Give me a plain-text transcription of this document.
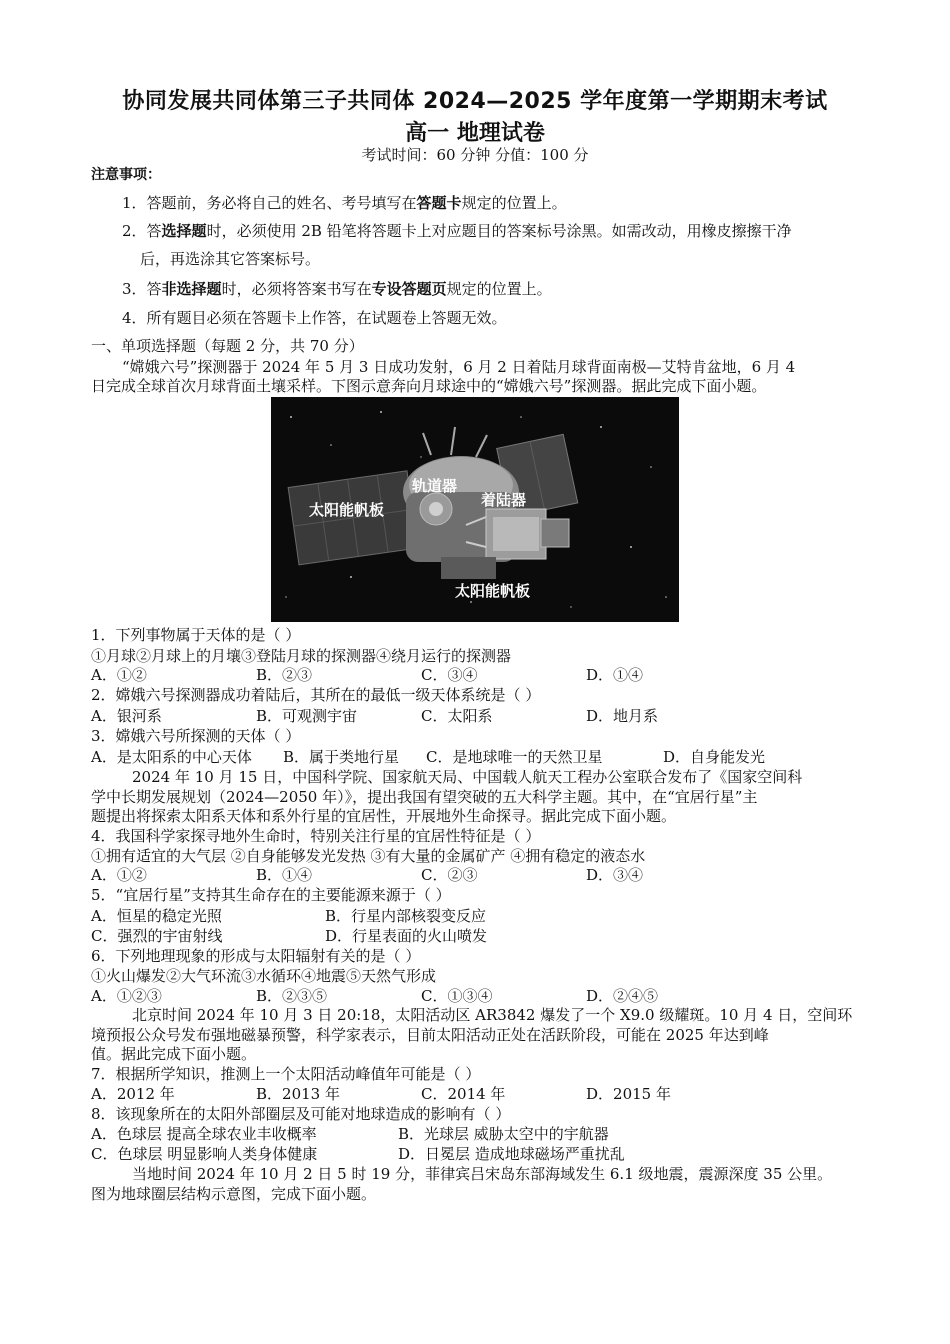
协同发展共同体第三子共同体 2024—2025 学年度第一学期期末考试
高一 地理试卷
考试时间：60 分钟 分值：100 分
注意事项：
1．答题前，务必将自己的姓名、考号填写在答题卡规定的位置上。
2．答选择题时，必须使用 2B 铅笔将答题卡上对应题目的答案标号涂黑。如需改动，用橡皮擦擦干净
后，再选涂其它答案标号。
3．答非选择题时，必须将答案书写在专设答题页规定的位置上。
4．所有题目必须在答题卡上作答，在试题卷上答题无效。
一、单项选择题（每题 2 分，共 70 分）
“嫦娥六号”探测器于 2024 年 5 月 3 日成功发射，6 月 2 日着陆月球背面南极—艾特肯盆地，6 月 4
日完成全球首次月球背面土壤采样。下图示意奔向月球途中的“嫦娥六号”探测器。据此完成下面小题。
太阳能帆板
轨道器
着陆器
太阳能帆板
1．下列事物属于天体的是（ ）
①月球②月球上的月壤③登陆月球的探测器④绕月运行的探测器
A．①②	B．②③	C．③④	D．①④
2．嫦娥六号探测器成功着陆后，其所在的最低一级天体系统是（ ）
A．银河系	B．可观测宇宙	C．太阳系	D．地月系
3．嫦娥六号所探测的天体（ ）
A．是太阳系的中心天体 B．属于类地行星 C．是地球唯一的天然卫星	D．自身能发光
2024 年 10 月 15 日，中国科学院、国家航天局、中国载人航天工程办公室联合发布了《国家空间科
学中长期发展规划（2024—2050 年）》，提出我国有望突破的五大科学主题。其中，在“宜居行星”主
题提出将探索太阳系天体和系外行星的宜居性，开展地外生命探寻。据此完成下面小题。
4．我国科学家探寻地外生命时，特别关注行星的宜居性特征是（ ）
①拥有适宜的大气层 ②自身能够发光发热 ③有大量的金属矿产 ④拥有稳定的液态水
A．①②	B．①④	C．②③	D．③④
5．“宜居行星”支持其生命存在的主要能源来源于（ ）
A．恒星的稳定光照	B．行星内部核裂变反应
C．强烈的宇宙射线	D．行星表面的火山喷发
6．下列地理现象的形成与太阳辐射有关的是（ ）
①火山爆发②大气环流③水循环④地震⑤天然气形成
A．①②③	B．②③⑤	C．①③④	D．②④⑤
北京时间 2024 年 10 月 3 日 20:18，太阳活动区 AR3842 爆发了一个 X9.0 级耀斑。10 月 4 日，空间环
境预报公众号发布强地磁暴预警，科学家表示，目前太阳活动正处在活跃阶段，可能在 2025 年达到峰
值。据此完成下面小题。
7．根据所学知识，推测上一个太阳活动峰值年可能是（ ）
A．2012 年	B．2013 年	C．2014 年	D．2015 年
8．该现象所在的太阳外部圈层及可能对地球造成的影响有（ ）
A．色球层 提高全球农业丰收概率	B．光球层 威胁太空中的宇航器
C．色球层 明显影响人类身体健康	D．日冕层 造成地球磁场严重扰乱
当地时间 2024 年 10 月 2 日 5 时 19 分，菲律宾吕宋岛东部海域发生 6.1 级地震，震源深度 35 公里。
图为地球圈层结构示意图，完成下面小题。
